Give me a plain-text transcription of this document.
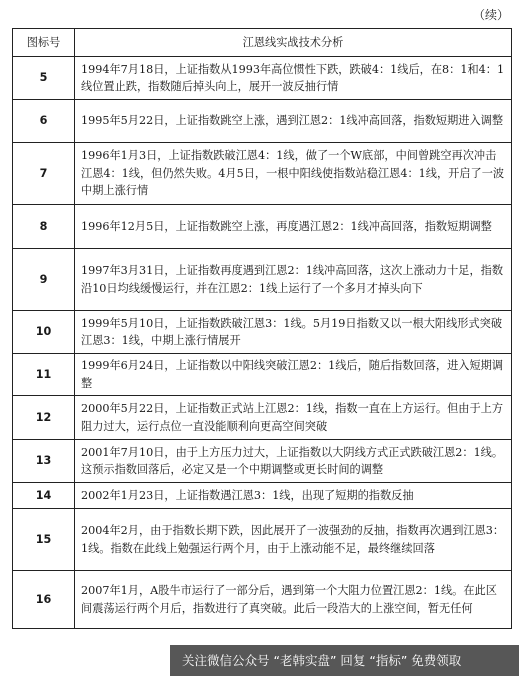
（续）
图标号	江恩线实战技术分析
5	1994年7月18日，上证指数从1993年高位惯性下跌，跌破4：1线后，在8：1和4：1线位置止跌，指数随后掉头向上，展开一波反抽行情
6	1995年5月22日，上证指数跳空上涨，遇到江恩2：1线冲高回落，指数短期进入调整
7	1996年1月3日，上证指数跌破江恩4：1线，做了一个W底部，中间曾跳空再次冲击江恩4：1线，但仍然失败。4月5日，一根中阳线使指数站稳江恩4：1线，开启了一波中期上涨行情
8	1996年12月5日，上证指数跳空上涨，再度遇江恩2：1线冲高回落，指数短期调整
9	1997年3月31日，上证指数再度遇到江恩2：1线冲高回落，这次上涨动力十足，指数沿10日均线缓慢运行，并在江恩2：1线上运行了一个多月才掉头向下
10	1999年5月10日，上证指数跌破江恩3：1线。5月19日指数又以一根大阳线形式突破江恩3：1线，中期上涨行情展开
11	1999年6月24日，上证指数以中阳线突破江恩2：1线后，随后指数回落，进入短期调整
12	2000年5月22日，上证指数正式站上江恩2：1线，指数一直在上方运行。但由于上方阻力过大，运行点位一直没能顺利向更高空间突破
13	2001年7月10日，由于上方压力过大，上证指数以大阴线方式正式跌破江恩2：1线。这预示指数回落后，必定又是一个中期调整或更长时间的调整
14	2002年1月23日，上证指数遇江恩3：1线，出现了短期的指数反抽
15	2004年2月，由于指数长期下跌，因此展开了一波强劲的反抽，指数再次遇到江恩3：1线。指数在此线上勉强运行两个月，由于上涨动能不足，最终继续回落
16	2007年1月，A股牛市运行了一部分后，遇到第一个大阻力位置江恩2：1线。在此区间震荡运行两个月后，指数进行了真突破。此后一段浩大的上涨空间，暂无任何
关注微信公众号 “老韩实盘” 回复 “指标” 免费领取
